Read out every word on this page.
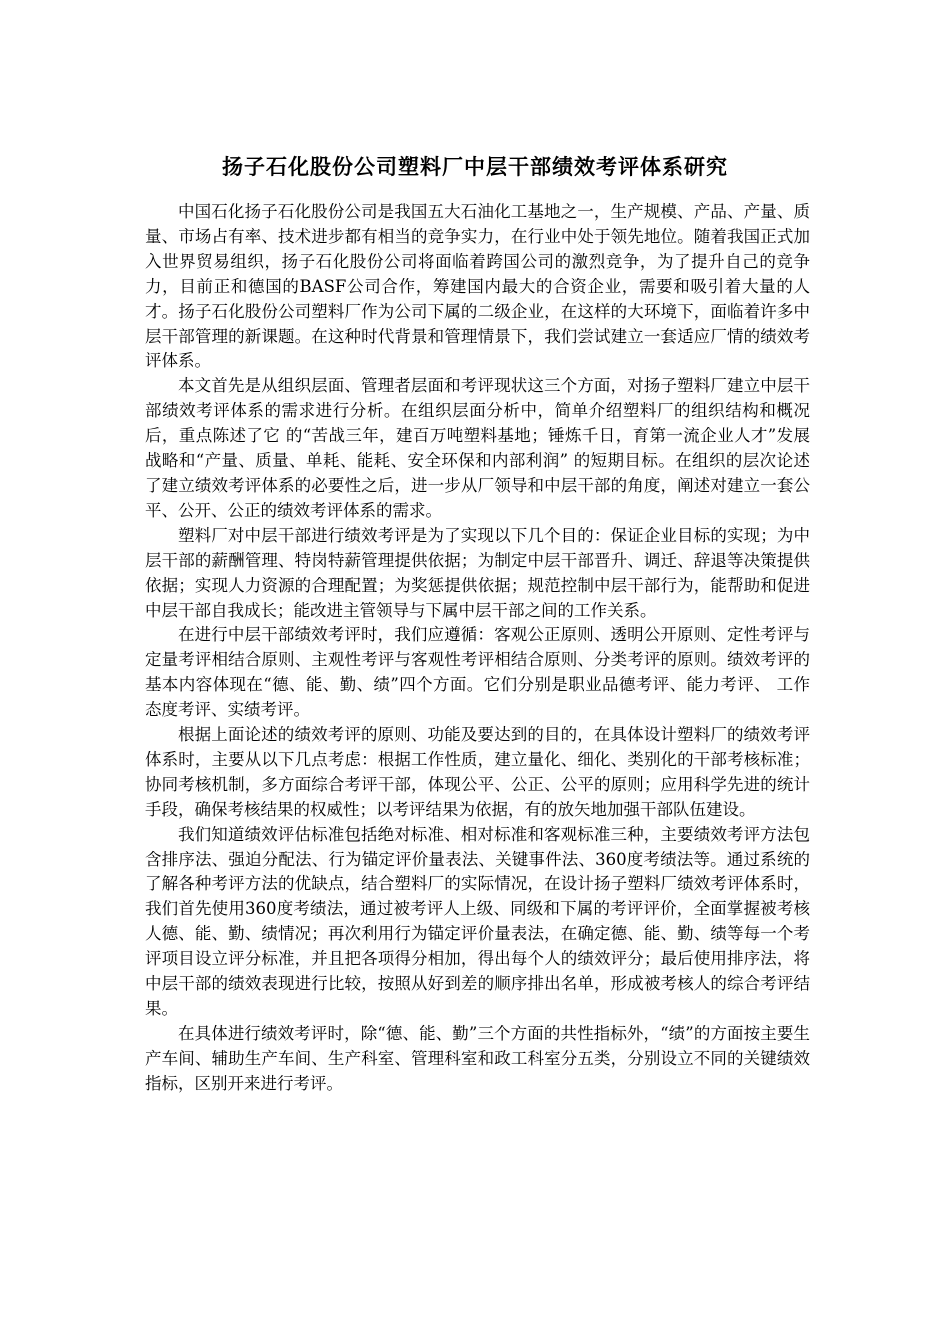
扬子石化股份公司塑料厂中层干部绩效考评体系研究

中国石化扬子石化股份公司是我国五大石油化工基地之一，生产规模、产品、产量、质量、市场占有率、技术进步都有相当的竞争实力，在行业中处于领先地位。随着我国正式加入世界贸易组织，扬子石化股份公司将面临着跨国公司的激烈竞争，为了提升自己的竞争力，目前正和德国的BASF公司合作，筹建国内最大的合资企业，需要和吸引着大量的人才。扬子石化股份公司塑料厂作为公司下属的二级企业，在这样的大环境下，面临着许多中层干部管理的新课题。在这种时代背景和管理情景下，我们尝试建立一套适应厂情的绩效考评体系。

本文首先是从组织层面、管理者层面和考评现状这三个方面，对扬子塑料厂建立中层干部绩效考评体系的需求进行分析。在组织层面分析中，简单介绍塑料厂的组织结构和概况后，重点陈述了它 的“苦战三年，建百万吨塑料基地；锤炼千日，育第一流企业人才”发展战略和“产量、质量、单耗、能耗、安全环保和内部利润” 的短期目标。在组织的层次论述了建立绩效考评体系的必要性之后，进一步从厂领导和中层干部的角度，阐述对建立一套公平、公开、公正的绩效考评体系的需求。

塑料厂对中层干部进行绩效考评是为了实现以下几个目的：保证企业目标的实现；为中层干部的薪酬管理、特岗特薪管理提供依据；为制定中层干部晋升、调迁、辞退等决策提供依据；实现人力资源的合理配置；为奖惩提供依据；规范控制中层干部行为，能帮助和促进中层干部自我成长；能改进主管领导与下属中层干部之间的工作关系。

在进行中层干部绩效考评时，我们应遵循：客观公正原则、透明公开原则、定性考评与定量考评相结合原则、主观性考评与客观性考评相结合原则、分类考评的原则。绩效考评的基本内容体现在“德、能、勤、绩”四个方面。它们分别是职业品德考评、能力考评、 工作态度考评、实绩考评。

根据上面论述的绩效考评的原则、功能及要达到的目的，在具体设计塑料厂的绩效考评体系时，主要从以下几点考虑：根据工作性质，建立量化、细化、类别化的干部考核标准；协同考核机制，多方面综合考评干部，体现公平、公正、公平的原则；应用科学先进的统计手段，确保考核结果的权威性；以考评结果为依据，有的放矢地加强干部队伍建设。

我们知道绩效评估标准包括绝对标准、相对标准和客观标准三种，主要绩效考评方法包含排序法、强迫分配法、行为锚定评价量表法、关键事件法、360度考绩法等。通过系统的了解各种考评方法的优缺点，结合塑料厂的实际情况，在设计扬子塑料厂绩效考评体系时，我们首先使用360度考绩法，通过被考评人上级、同级和下属的考评评价，全面掌握被考核人德、能、勤、绩情况；再次利用行为锚定评价量表法，在确定德、能、勤、绩等每一个考评项目设立评分标准，并且把各项得分相加，得出每个人的绩效评分；最后使用排序法，将中层干部的绩效表现进行比较，按照从好到差的顺序排出名单，形成被考核人的综合考评结果。

在具体进行绩效考评时，除“德、能、勤”三个方面的共性指标外，“绩”的方面按主要生产车间、辅助生产车间、生产科室、管理科室和政工科室分五类，分别设立不同的关键绩效指标，区别开来进行考评。
